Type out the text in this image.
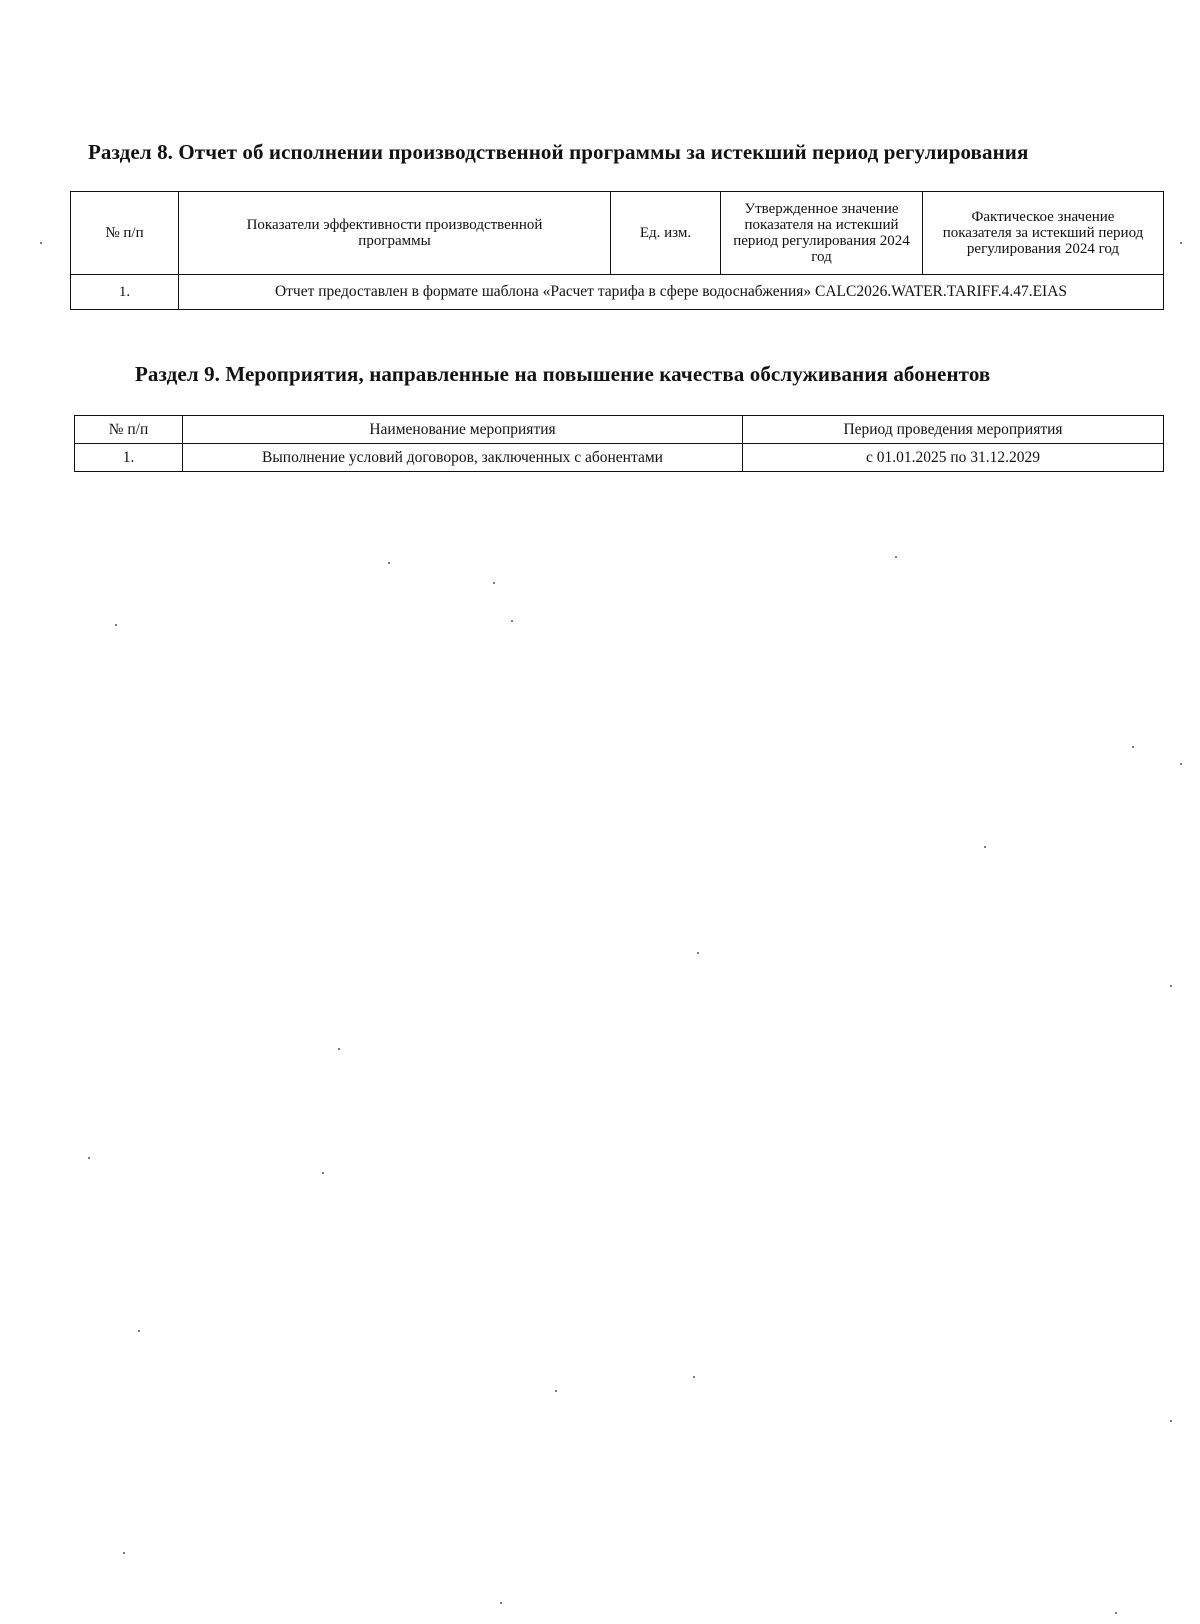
Раздел 8. Отчет об исполнении производственной программы за истекший период регулирования
№ п/п	Показатели эффективности производственной программы	Ед. изм.	Утвержденное значение показателя на истекший период регулирования 2024 год	Фактическое значение показателя за истекший период регулирования 2024 год
1.	Отчет предоставлен в формате шаблона «Расчет тарифа в сфере водоснабжения» CALC2026.WATER.TARIFF.4.47.EIAS			
Раздел 9. Мероприятия, направленные на повышение качества обслуживания абонентов
№ п/п	Наименование мероприятия	Период проведения мероприятия
1.	Выполнение условий договоров, заключенных с абонентами	с 01.01.2025 по 31.12.2029
